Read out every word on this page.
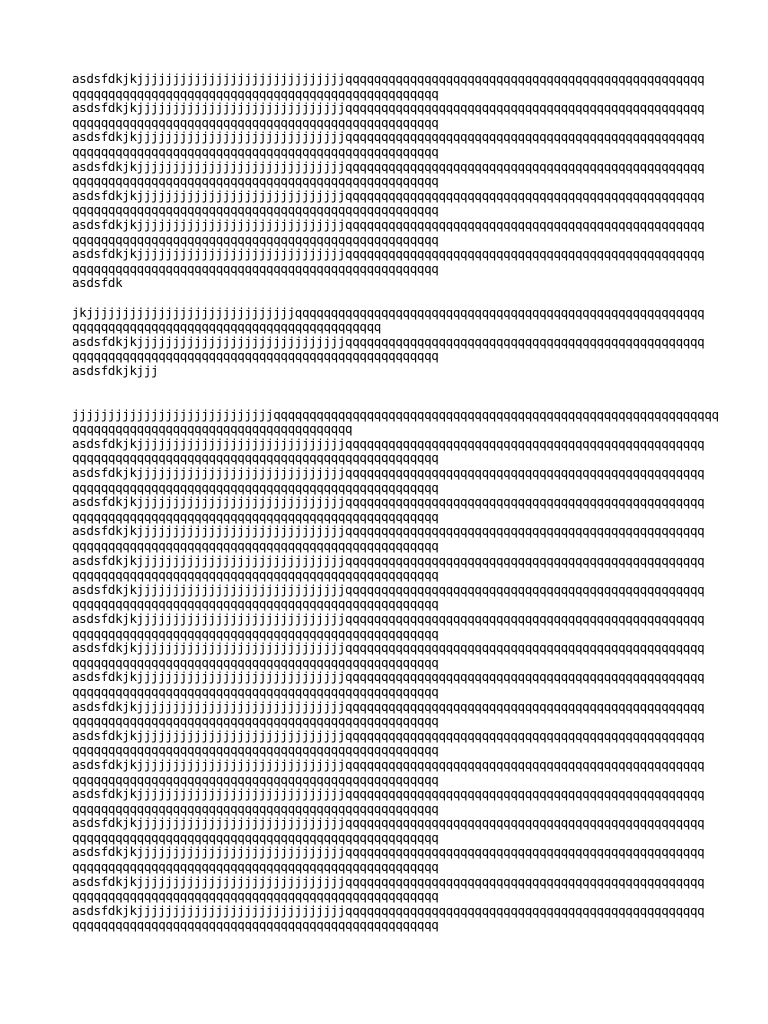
asdsfdkjkjjjjjjjjjjjjjjjjjjjjjjjjjjjjjqqqqqqqqqqqqqqqqqqqqqqqqqqqqqqqqqqqqqqqqqqqqqqqqqq
qqqqqqqqqqqqqqqqqqqqqqqqqqqqqqqqqqqqqqqqqqqqqqqqqqq
asdsfdkjkjjjjjjjjjjjjjjjjjjjjjjjjjjjjjqqqqqqqqqqqqqqqqqqqqqqqqqqqqqqqqqqqqqqqqqqqqqqqqqq
qqqqqqqqqqqqqqqqqqqqqqqqqqqqqqqqqqqqqqqqqqqqqqqqqqq
asdsfdkjkjjjjjjjjjjjjjjjjjjjjjjjjjjjjjqqqqqqqqqqqqqqqqqqqqqqqqqqqqqqqqqqqqqqqqqqqqqqqqqq
qqqqqqqqqqqqqqqqqqqqqqqqqqqqqqqqqqqqqqqqqqqqqqqqqqq
asdsfdkjkjjjjjjjjjjjjjjjjjjjjjjjjjjjjjqqqqqqqqqqqqqqqqqqqqqqqqqqqqqqqqqqqqqqqqqqqqqqqqqq
qqqqqqqqqqqqqqqqqqqqqqqqqqqqqqqqqqqqqqqqqqqqqqqqqqq
asdsfdkjkjjjjjjjjjjjjjjjjjjjjjjjjjjjjjqqqqqqqqqqqqqqqqqqqqqqqqqqqqqqqqqqqqqqqqqqqqqqqqqq
qqqqqqqqqqqqqqqqqqqqqqqqqqqqqqqqqqqqqqqqqqqqqqqqqqq
asdsfdkjkjjjjjjjjjjjjjjjjjjjjjjjjjjjjjqqqqqqqqqqqqqqqqqqqqqqqqqqqqqqqqqqqqqqqqqqqqqqqqqq
qqqqqqqqqqqqqqqqqqqqqqqqqqqqqqqqqqqqqqqqqqqqqqqqqqq
asdsfdkjkjjjjjjjjjjjjjjjjjjjjjjjjjjjjjqqqqqqqqqqqqqqqqqqqqqqqqqqqqqqqqqqqqqqqqqqqqqqqqqq
qqqqqqqqqqqqqqqqqqqqqqqqqqqqqqqqqqqqqqqqqqqqqqqqqqq
asdsfdk
jkjjjjjjjjjjjjjjjjjjjjjjjjjjjjjqqqqqqqqqqqqqqqqqqqqqqqqqqqqqqqqqqqqqqqqqqqqqqqqqqqqqqqqq
qqqqqqqqqqqqqqqqqqqqqqqqqqqqqqqqqqqqqqqqqqq
asdsfdkjkjjjjjjjjjjjjjjjjjjjjjjjjjjjjjqqqqqqqqqqqqqqqqqqqqqqqqqqqqqqqqqqqqqqqqqqqqqqqqqq
qqqqqqqqqqqqqqqqqqqqqqqqqqqqqqqqqqqqqqqqqqqqqqqqqqq
asdsfdkjkjjj
jjjjjjjjjjjjjjjjjjjjjjjjjjjjqqqqqqqqqqqqqqqqqqqqqqqqqqqqqqqqqqqqqqqqqqqqqqqqqqqqqqqqqqqqqq
qqqqqqqqqqqqqqqqqqqqqqqqqqqqqqqqqqqqqqq
asdsfdkjkjjjjjjjjjjjjjjjjjjjjjjjjjjjjjqqqqqqqqqqqqqqqqqqqqqqqqqqqqqqqqqqqqqqqqqqqqqqqqqq
qqqqqqqqqqqqqqqqqqqqqqqqqqqqqqqqqqqqqqqqqqqqqqqqqqq
asdsfdkjkjjjjjjjjjjjjjjjjjjjjjjjjjjjjjqqqqqqqqqqqqqqqqqqqqqqqqqqqqqqqqqqqqqqqqqqqqqqqqqq
qqqqqqqqqqqqqqqqqqqqqqqqqqqqqqqqqqqqqqqqqqqqqqqqqqq
asdsfdkjkjjjjjjjjjjjjjjjjjjjjjjjjjjjjjqqqqqqqqqqqqqqqqqqqqqqqqqqqqqqqqqqqqqqqqqqqqqqqqqq
qqqqqqqqqqqqqqqqqqqqqqqqqqqqqqqqqqqqqqqqqqqqqqqqqqq
asdsfdkjkjjjjjjjjjjjjjjjjjjjjjjjjjjjjjqqqqqqqqqqqqqqqqqqqqqqqqqqqqqqqqqqqqqqqqqqqqqqqqqq
qqqqqqqqqqqqqqqqqqqqqqqqqqqqqqqqqqqqqqqqqqqqqqqqqqq
asdsfdkjkjjjjjjjjjjjjjjjjjjjjjjjjjjjjjqqqqqqqqqqqqqqqqqqqqqqqqqqqqqqqqqqqqqqqqqqqqqqqqqq
qqqqqqqqqqqqqqqqqqqqqqqqqqqqqqqqqqqqqqqqqqqqqqqqqqq
asdsfdkjkjjjjjjjjjjjjjjjjjjjjjjjjjjjjjqqqqqqqqqqqqqqqqqqqqqqqqqqqqqqqqqqqqqqqqqqqqqqqqqq
qqqqqqqqqqqqqqqqqqqqqqqqqqqqqqqqqqqqqqqqqqqqqqqqqqq
asdsfdkjkjjjjjjjjjjjjjjjjjjjjjjjjjjjjjqqqqqqqqqqqqqqqqqqqqqqqqqqqqqqqqqqqqqqqqqqqqqqqqqq
qqqqqqqqqqqqqqqqqqqqqqqqqqqqqqqqqqqqqqqqqqqqqqqqqqq
asdsfdkjkjjjjjjjjjjjjjjjjjjjjjjjjjjjjjqqqqqqqqqqqqqqqqqqqqqqqqqqqqqqqqqqqqqqqqqqqqqqqqqq
qqqqqqqqqqqqqqqqqqqqqqqqqqqqqqqqqqqqqqqqqqqqqqqqqqq
asdsfdkjkjjjjjjjjjjjjjjjjjjjjjjjjjjjjjqqqqqqqqqqqqqqqqqqqqqqqqqqqqqqqqqqqqqqqqqqqqqqqqqq
qqqqqqqqqqqqqqqqqqqqqqqqqqqqqqqqqqqqqqqqqqqqqqqqqqq
asdsfdkjkjjjjjjjjjjjjjjjjjjjjjjjjjjjjjqqqqqqqqqqqqqqqqqqqqqqqqqqqqqqqqqqqqqqqqqqqqqqqqqq
qqqqqqqqqqqqqqqqqqqqqqqqqqqqqqqqqqqqqqqqqqqqqqqqqqq
asdsfdkjkjjjjjjjjjjjjjjjjjjjjjjjjjjjjjqqqqqqqqqqqqqqqqqqqqqqqqqqqqqqqqqqqqqqqqqqqqqqqqqq
qqqqqqqqqqqqqqqqqqqqqqqqqqqqqqqqqqqqqqqqqqqqqqqqqqq
asdsfdkjkjjjjjjjjjjjjjjjjjjjjjjjjjjjjjqqqqqqqqqqqqqqqqqqqqqqqqqqqqqqqqqqqqqqqqqqqqqqqqqq
qqqqqqqqqqqqqqqqqqqqqqqqqqqqqqqqqqqqqqqqqqqqqqqqqqq
asdsfdkjkjjjjjjjjjjjjjjjjjjjjjjjjjjjjjqqqqqqqqqqqqqqqqqqqqqqqqqqqqqqqqqqqqqqqqqqqqqqqqqq
qqqqqqqqqqqqqqqqqqqqqqqqqqqqqqqqqqqqqqqqqqqqqqqqqqq
asdsfdkjkjjjjjjjjjjjjjjjjjjjjjjjjjjjjjqqqqqqqqqqqqqqqqqqqqqqqqqqqqqqqqqqqqqqqqqqqqqqqqqq
qqqqqqqqqqqqqqqqqqqqqqqqqqqqqqqqqqqqqqqqqqqqqqqqqqq
asdsfdkjkjjjjjjjjjjjjjjjjjjjjjjjjjjjjjqqqqqqqqqqqqqqqqqqqqqqqqqqqqqqqqqqqqqqqqqqqqqqqqqq
qqqqqqqqqqqqqqqqqqqqqqqqqqqqqqqqqqqqqqqqqqqqqqqqqqq
asdsfdkjkjjjjjjjjjjjjjjjjjjjjjjjjjjjjjqqqqqqqqqqqqqqqqqqqqqqqqqqqqqqqqqqqqqqqqqqqqqqqqqq
qqqqqqqqqqqqqqqqqqqqqqqqqqqqqqqqqqqqqqqqqqqqqqqqqqq
asdsfdkjkjjjjjjjjjjjjjjjjjjjjjjjjjjjjjqqqqqqqqqqqqqqqqqqqqqqqqqqqqqqqqqqqqqqqqqqqqqqqqqq
qqqqqqqqqqqqqqqqqqqqqqqqqqqqqqqqqqqqqqqqqqqqqqqqqqq
